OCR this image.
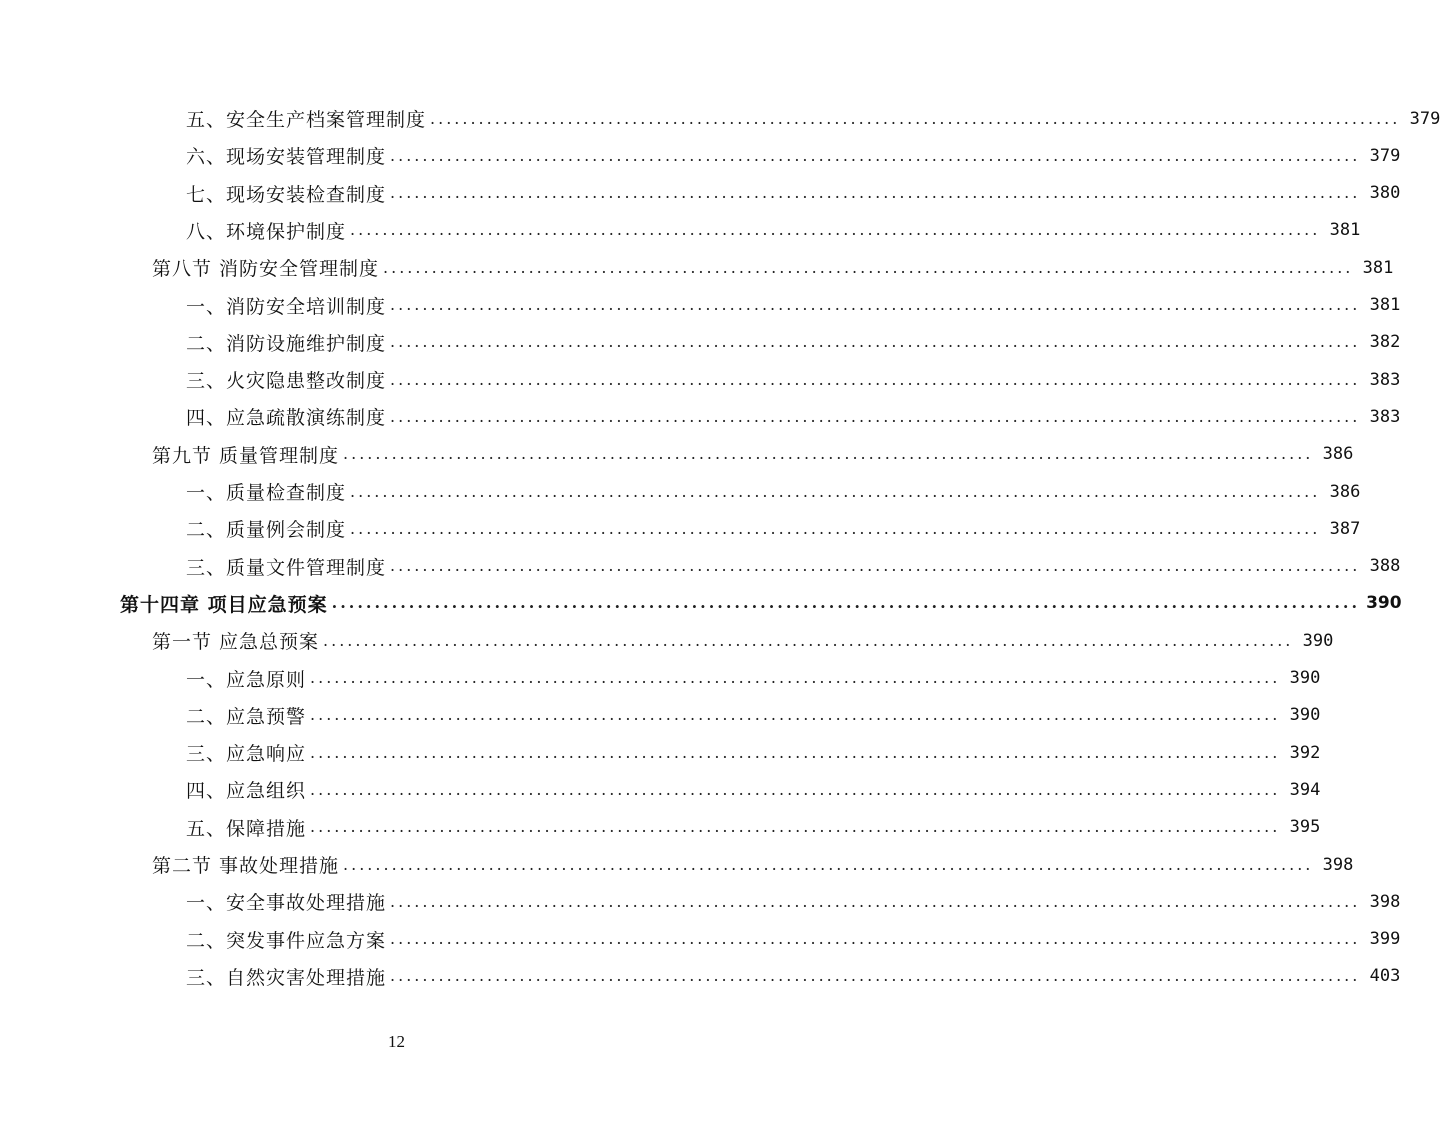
五、安全生产档案管理制度 ........................................................................................................................ 379
六、现场安装管理制度 ........................................................................................................................ 379
七、现场安装检查制度 ........................................................................................................................ 380
八、环境保护制度 ........................................................................................................................ 381
第八节 消防安全管理制度 ........................................................................................................................ 381
一、消防安全培训制度 ........................................................................................................................ 381
二、消防设施维护制度 ........................................................................................................................ 382
三、火灾隐患整改制度 ........................................................................................................................ 383
四、应急疏散演练制度 ........................................................................................................................ 383
第九节 质量管理制度 ........................................................................................................................ 386
一、质量检查制度 ........................................................................................................................ 386
二、质量例会制度 ........................................................................................................................ 387
三、质量文件管理制度 ........................................................................................................................ 388
第十四章 项目应急预案 ........................................................................................................................ 390
第一节 应急总预案 ........................................................................................................................ 390
一、应急原则 ........................................................................................................................ 390
二、应急预警 ........................................................................................................................ 390
三、应急响应 ........................................................................................................................ 392
四、应急组织 ........................................................................................................................ 394
五、保障措施 ........................................................................................................................ 395
第二节 事故处理措施 ........................................................................................................................ 398
一、安全事故处理措施 ........................................................................................................................ 398
二、突发事件应急方案 ........................................................................................................................ 399
三、自然灾害处理措施 ........................................................................................................................ 403
12
